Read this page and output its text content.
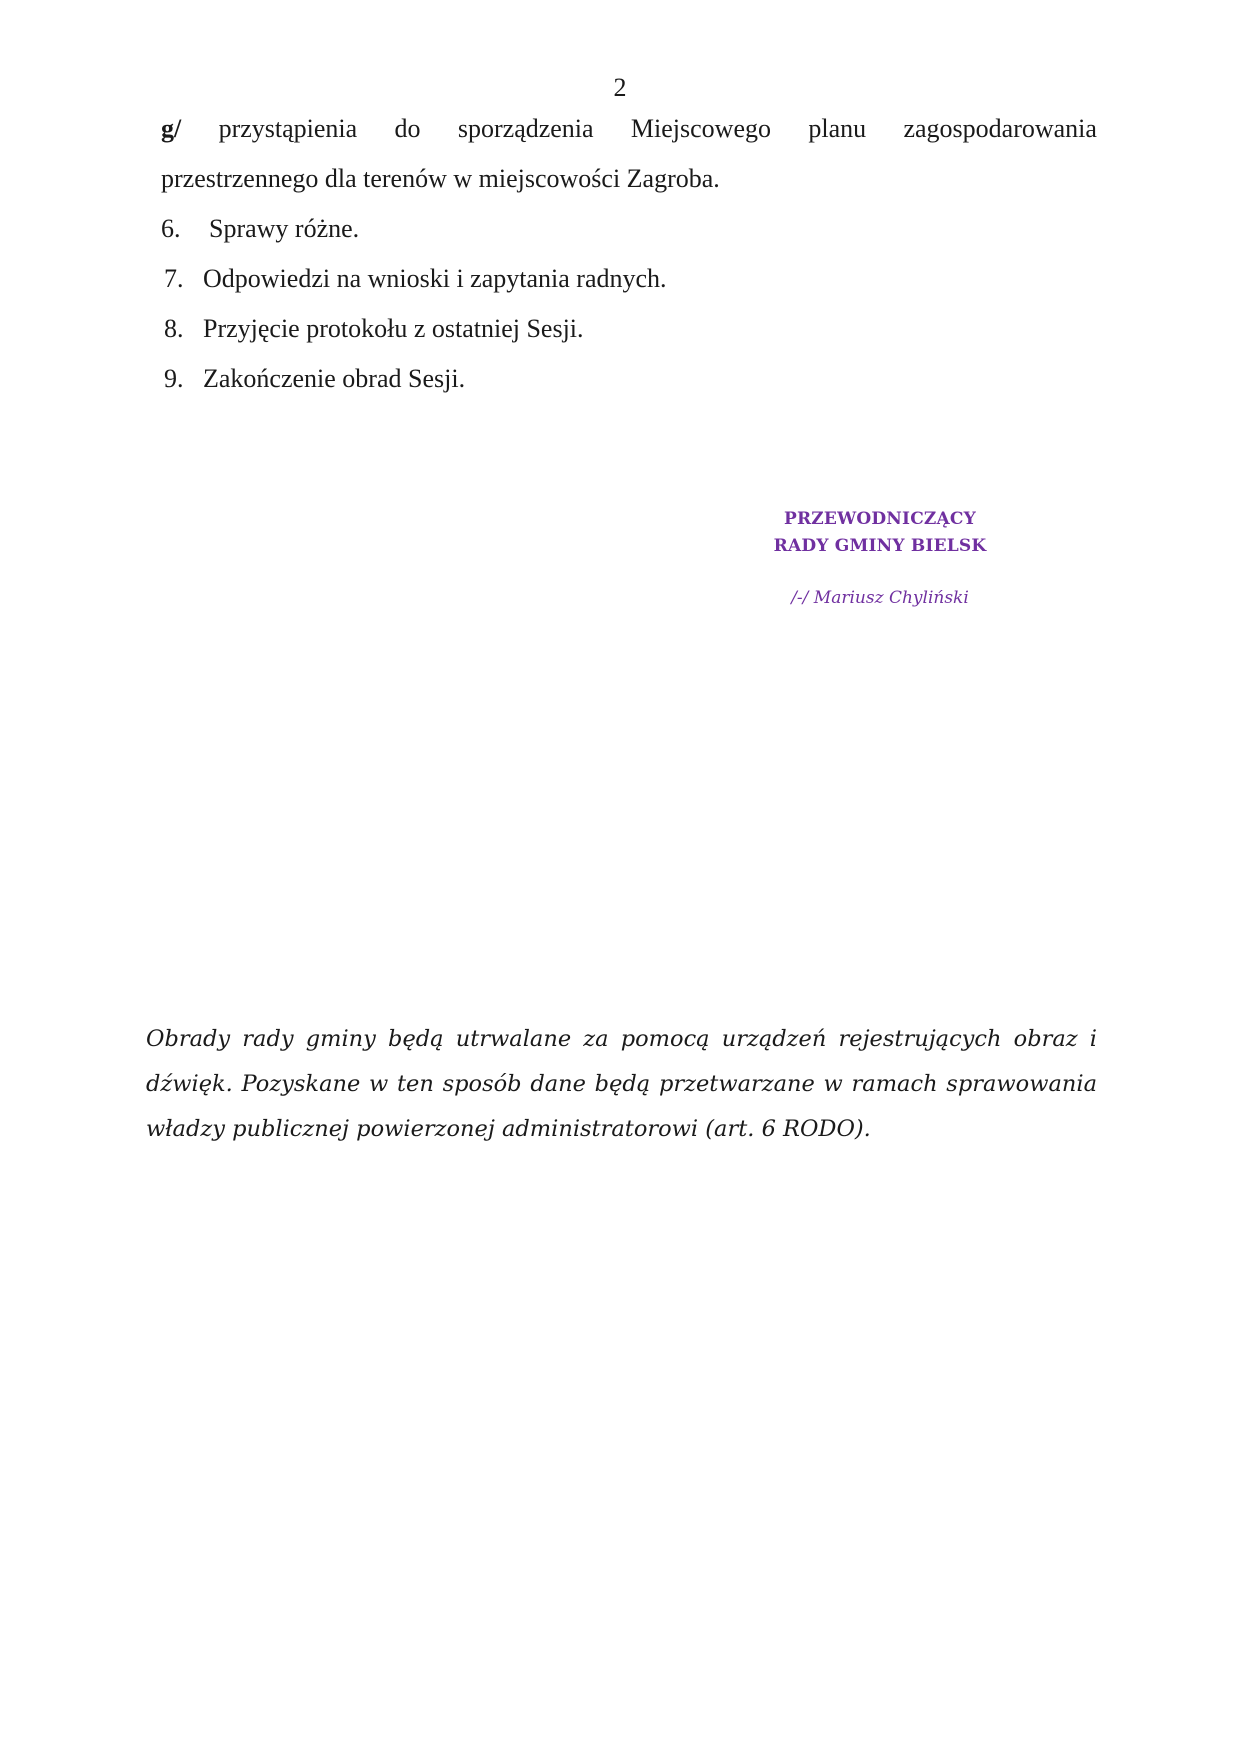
2
g/ przystąpienia do sporządzenia Miejscowego planu zagospodarowania
przestrzennego dla terenów w miejscowości Zagroba.
6.	Sprawy różne.
7. Odpowiedzi na wnioski i zapytania radnych.
8. Przyjęcie protokołu z ostatniej Sesji.
9. Zakończenie obrad Sesji.
PRZEWODNICZĄCY
RADY GMINY BIELSK
/-/ Mariusz Chyliński

Obrady rady gminy będą utrwalane za pomocą urządzeń rejestrujących obraz i dźwięk. Pozyskane w ten sposób dane będą przetwarzane w ramach sprawowania władzy publicznej powierzonej administratorowi (art. 6 RODO).
